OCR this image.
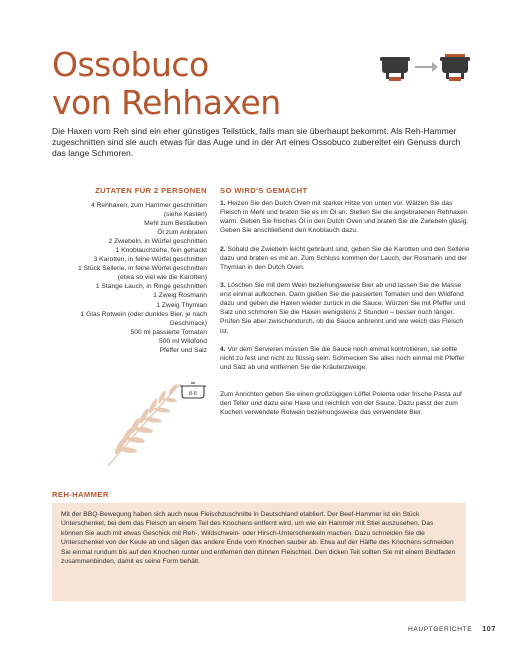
Ossobuco
von Rehhaxen

Die Haxen vom Reh sind ein eher günstiges Teilstück, falls man sie überhaupt bekommt. Als Reh-Hammer zugeschnitten sind sie auch etwas für das Auge und in der Art eines Ossobuco zubereitet ein Genuss durch das lange Schmoren.

ZUTATEN FÜR 2 PERSONEN
4 Rehhaxen, zum Hammer geschnitten
(siehe Kasten)
Mehl zum Bestäuben
Öl zum Anbraten
2 Zwiebeln, in Würfel geschnitten
1 Knoblauchzehe, fein gehackt
3 Karotten, in feine Würfel geschnitten
1 Stück Sellerie, in feine Würfel geschnitten
(etwa so viel wie die Karotten)
1 Stange Lauch, in Ringe geschnitten
1 Zweig Rosmarin
1 Zweig Thymian
1 Glas Rotwein (oder dunkles Bier, je nach
Geschmack)
500 ml passierte Tomaten
500 ml Wildfond
Pfeffer und Salz
8-6
SO WIRD'S GEMACHT

1. Heizen Sie den Dutch Oven mit starker Hitze von unten vor. Wälzen Sie das Fleisch in Mehl und braten Sie es im Öl an. Stellen Sie die angebratenen Rehhaxen warm. Geben Sie frisches Öl in den Dutch Oven und braten Sie die Zwiebeln glasig. Geben Sie anschließend den Knoblauch dazu.

2. Sobald die Zwiebeln leicht gebräunt sind, geben Sie die Karotten und den Sellerie dazu und braten es mit an. Zum Schluss kommen der Lauch, der Rosmarin und der Thymian in den Dutch Oven.

3. Löschen Sie mit dem Wein beziehungsweise Bier ab und lassen Sie die Masse erst einmal aufkochen. Dann gießen Sie die passierten Tomaten und den Wildfond dazu und geben die Haxen wieder zurück in die Sauce. Würzen Sie mit Pfeffer und Salz und schmoren Sie die Haxen wenigstens 2 Stunden – besser noch länger. Prüfen Sie aber zwischendurch, ob die Sauce anbrennt und wie weich das Fleisch ist.

4. Vor dem Servieren müssen Sie die Sauce noch einmal kontrollieren, sie sollte nicht zu fest und nicht zu flüssig sein. Schmecken Sie alles noch einmal mit Pfeffer und Salz ab und entfernen Sie die Kräuterzweige.

Zum Anrichten geben Sie einen großzügigen Löffel Polenta oder frische Pasta auf den Teller und dazu eine Haxe und reichlich von der Sauce. Dazu passt der zum Kochen verwendete Rotwein beziehungsweise das verwendete Bier.

REH-HAMMER

Mit der BBQ-Bewegung haben sich auch neue Fleischzuschnitte in Deutschland etabliert. Der Beef-Hammer ist ein Stück Unterschenkel, bei dem das Fleisch an einem Teil des Knochens entfernt wird, um wie ein Hammer mit Stiel auszusehen. Das können Sie auch mit etwas Geschick mit Reh-, Wildschwein- oder Hirsch-Unterschenkeln machen. Dazu schneiden Sie die Unterschenkel von der Keule ab und sägen das andere Ende vom Knochen sauber ab. Etwa auf der Hälfte des Knochens schneiden Sie einmal rundum bis auf den Knochen runter und entfernen den dünnen Fleischteil. Den dicken Teil sollten Sie mit einem Bindfaden zusammenbinden, damit es seine Form behält.

HAUPTGERICHTE 107
